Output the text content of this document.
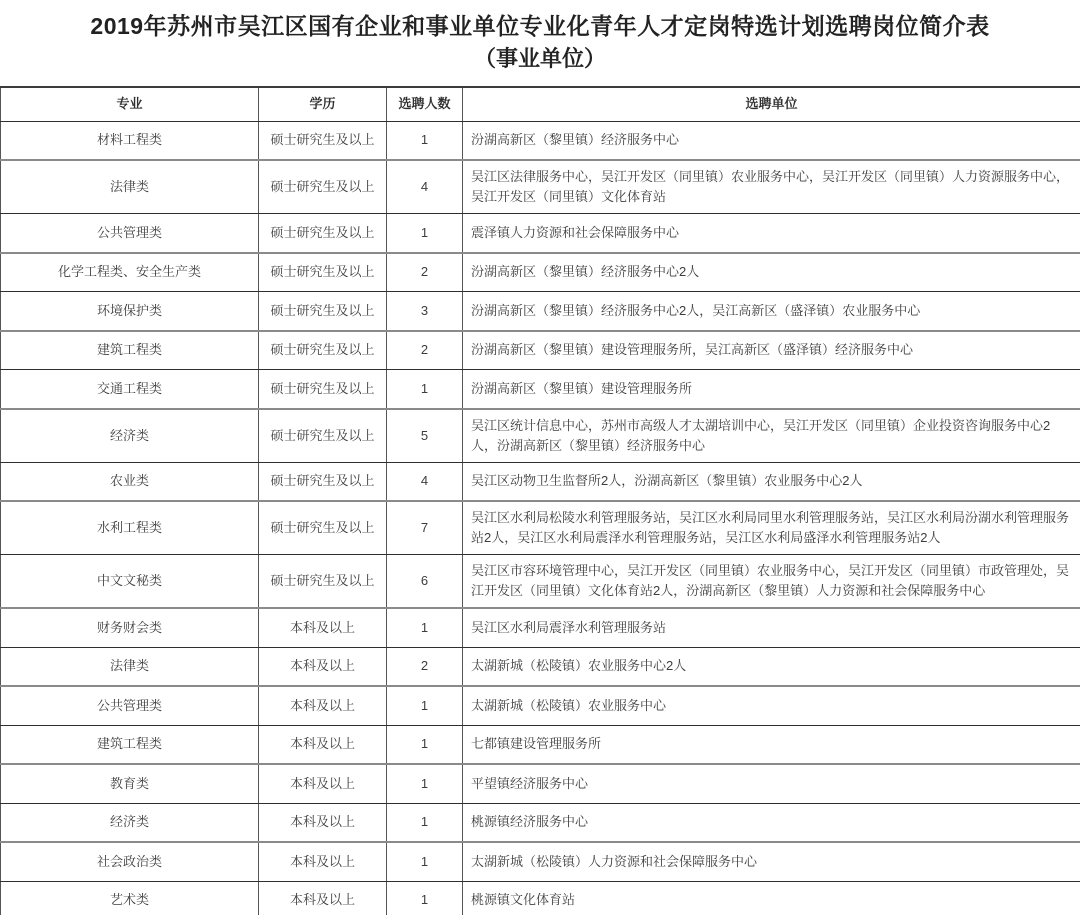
2019年苏州市吴江区国有企业和事业单位专业化青年人才定岗特选计划选聘岗位简介表
（事业单位）
专业	学历	选聘人数	选聘单位
材料工程类	硕士研究生及以上	1	汾湖高新区（黎里镇）经济服务中心
法律类	硕士研究生及以上	4	吴江区法律服务中心，吴江开发区（同里镇）农业服务中心，吴江开发区（同里镇）人力资源服务中心，吴江开发区（同里镇）文化体育站
公共管理类	硕士研究生及以上	1	震泽镇人力资源和社会保障服务中心
化学工程类、安全生产类	硕士研究生及以上	2	汾湖高新区（黎里镇）经济服务中心2人
环境保护类	硕士研究生及以上	3	汾湖高新区（黎里镇）经济服务中心2人，吴江高新区（盛泽镇）农业服务中心
建筑工程类	硕士研究生及以上	2	汾湖高新区（黎里镇）建设管理服务所，吴江高新区（盛泽镇）经济服务中心
交通工程类	硕士研究生及以上	1	汾湖高新区（黎里镇）建设管理服务所
经济类	硕士研究生及以上	5	吴江区统计信息中心，苏州市高级人才太湖培训中心，吴江开发区（同里镇）企业投资咨询服务中心2人，汾湖高新区（黎里镇）经济服务中心
农业类	硕士研究生及以上	4	吴江区动物卫生监督所2人，汾湖高新区（黎里镇）农业服务中心2人
水利工程类	硕士研究生及以上	7	吴江区水利局松陵水利管理服务站，吴江区水利局同里水利管理服务站，吴江区水利局汾湖水利管理服务站2人，吴江区水利局震泽水利管理服务站，吴江区水利局盛泽水利管理服务站2人
中文文秘类	硕士研究生及以上	6	吴江区市容环境管理中心，吴江开发区（同里镇）农业服务中心，吴江开发区（同里镇）市政管理处，吴江开发区（同里镇）文化体育站2人，汾湖高新区（黎里镇）人力资源和社会保障服务中心
财务财会类	本科及以上	1	吴江区水利局震泽水利管理服务站
法律类	本科及以上	2	太湖新城（松陵镇）农业服务中心2人
公共管理类	本科及以上	1	太湖新城（松陵镇）农业服务中心
建筑工程类	本科及以上	1	七都镇建设管理服务所
教育类	本科及以上	1	平望镇经济服务中心
经济类	本科及以上	1	桃源镇经济服务中心
社会政治类	本科及以上	1	太湖新城（松陵镇）人力资源和社会保障服务中心
艺术类	本科及以上	1	桃源镇文化体育站
